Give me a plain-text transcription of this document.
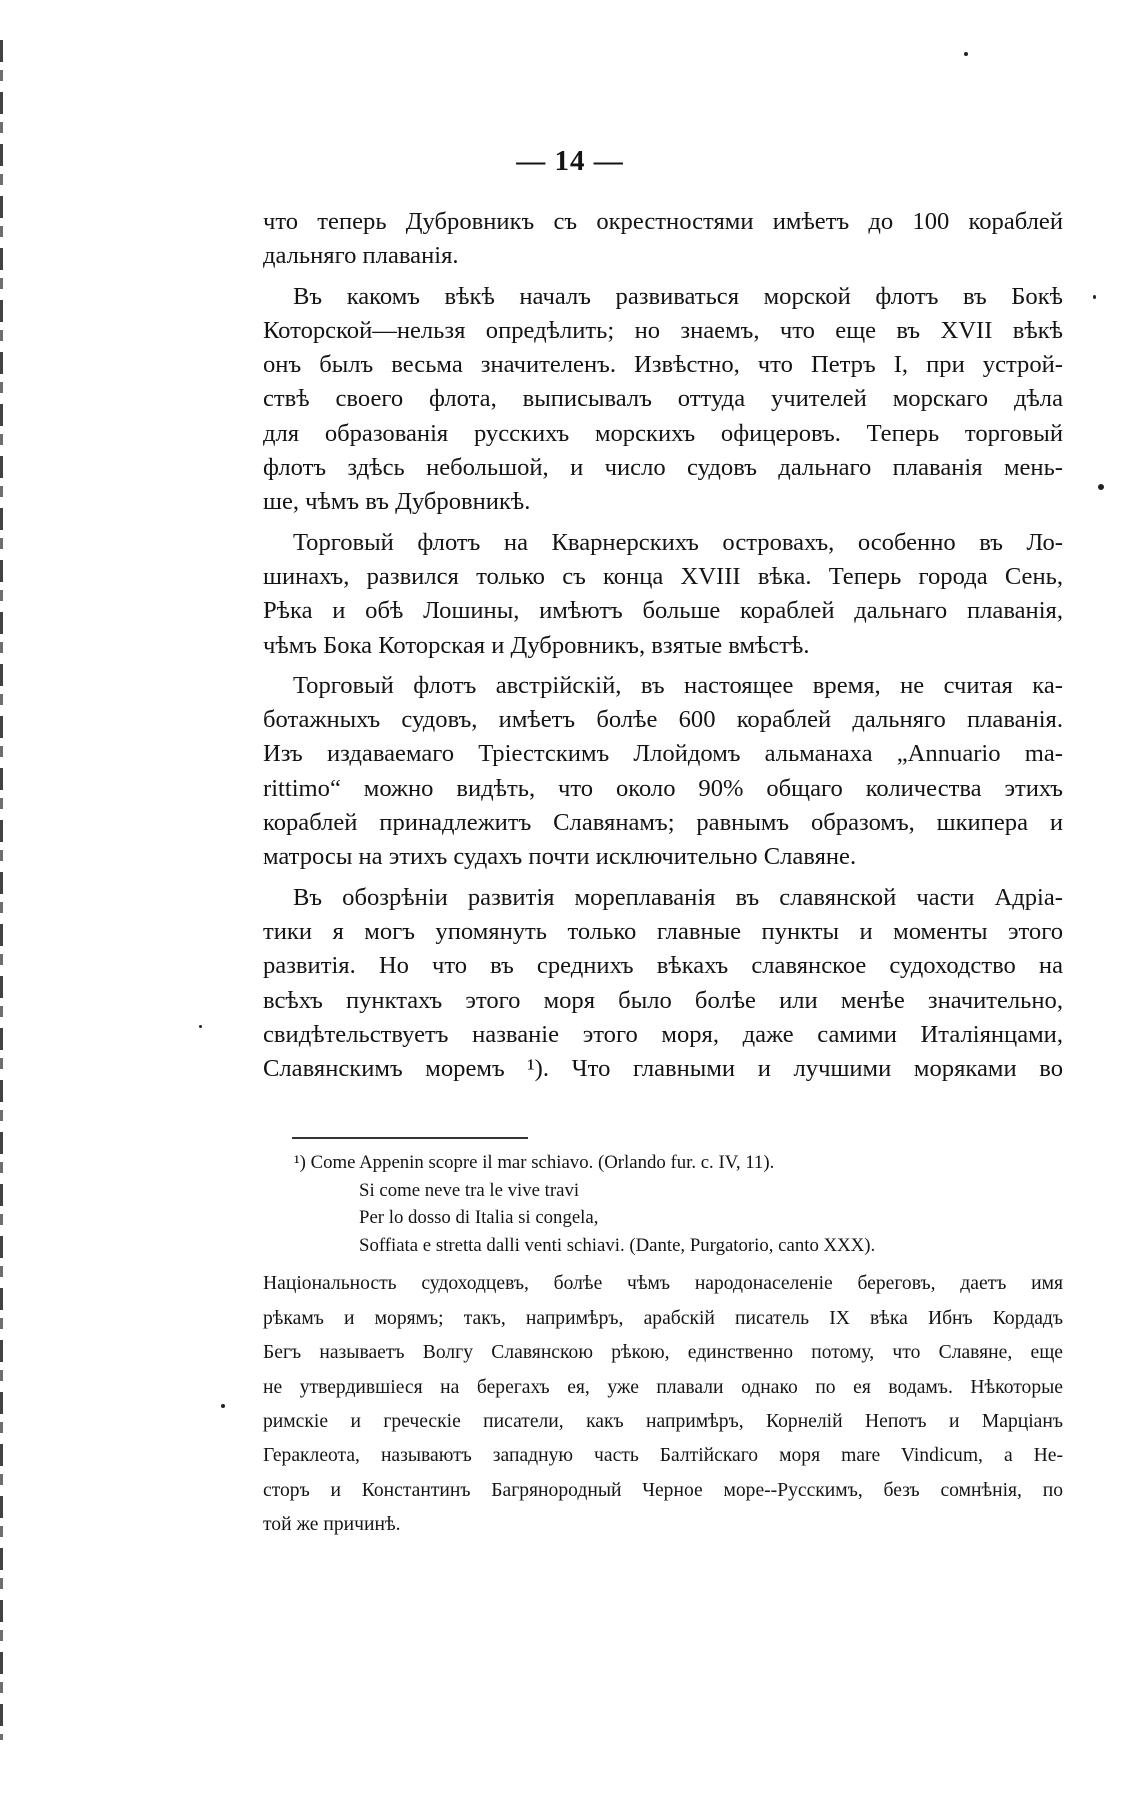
— 14 —
что теперь Дубровникъ съ окрестностями имѣетъ до 100 кораблей
дальняго плаванія.
Въ какомъ вѣкѣ началъ развиваться морской флотъ въ Бокѣ
Которской—нельзя опредѣлить; но знаемъ, что еще въ XVII вѣкѣ
онъ былъ весьма значителенъ. Извѣстно, что Петръ I, при устрой-
ствѣ своего флота, выписывалъ оттуда учителей морскаго дѣла
для образованія русскихъ морскихъ офицеровъ. Теперь торговый
флотъ здѣсь небольшой, и число судовъ дальнаго плаванія мень-
ше, чѣмъ въ Дубровникѣ.
Торговый флотъ на Кварнерскихъ островахъ, особенно въ Ло-
шинахъ, развился только съ конца XVIII вѣка. Теперь города Сень,
Рѣка и обѣ Лошины, имѣютъ больше кораблей дальнаго плаванія,
чѣмъ Бока Которская и Дубровникъ, взятые вмѣстѣ.
Торговый флотъ австрійскій, въ настоящее время, не считая ка-
ботажныхъ судовъ, имѣетъ болѣе 600 кораблей дальняго плаванія.
Изъ издаваемаго Тріестскимъ Ллойдомъ альманаха „Annuario ma-
rittimo“ можно видѣть, что около 90% общаго количества этихъ
кораблей принадлежитъ Славянамъ; равнымъ образомъ, шкипера и
матросы на этихъ судахъ почти исключительно Славяне.
Въ обозрѣніи развитія мореплаванія въ славянской части Адріа-
тики я могъ упомянуть только главные пункты и моменты этого
развитія. Но что въ среднихъ вѣкахъ славянское судоходство на
всѣхъ пунктахъ этого моря было болѣе или менѣе значительно,
свидѣтельствуетъ названіе этого моря, даже самими Италіянцами,
Славянскимъ моремъ ¹). Что главными и лучшими моряками во
¹) Come Appenin scopre il mar schiavo. (Orlando fur. c. IV, 11).
Si come neve tra le vive travi
Per lo dosso di Italia si congela,
Soffiata e stretta dalli venti schiavi. (Dante, Purgatorio, canto XXX).
Національность судоходцевъ, болѣе чѣмъ народонаселеніе береговъ, даетъ имя
рѣкамъ и морямъ; такъ, напримѣръ, арабскій писатель IX вѣка Ибнъ Кордадъ
Бегъ называетъ Волгу Славянскою рѣкою, единственно потому, что Славяне, еще
не утвердившіеся на берегахъ ея, уже плавали однако по ея водамъ. Нѣкоторые
римскіе и греческіе писатели, какъ напримѣръ, Корнелій Непотъ и Марціанъ
Гераклеота, называютъ западную часть Балтійскаго моря mare Vindicum, а Не-
сторъ и Константинъ Багрянородный Черное море--Русскимъ, безъ сомнѣнія, по
той же причинѣ.
